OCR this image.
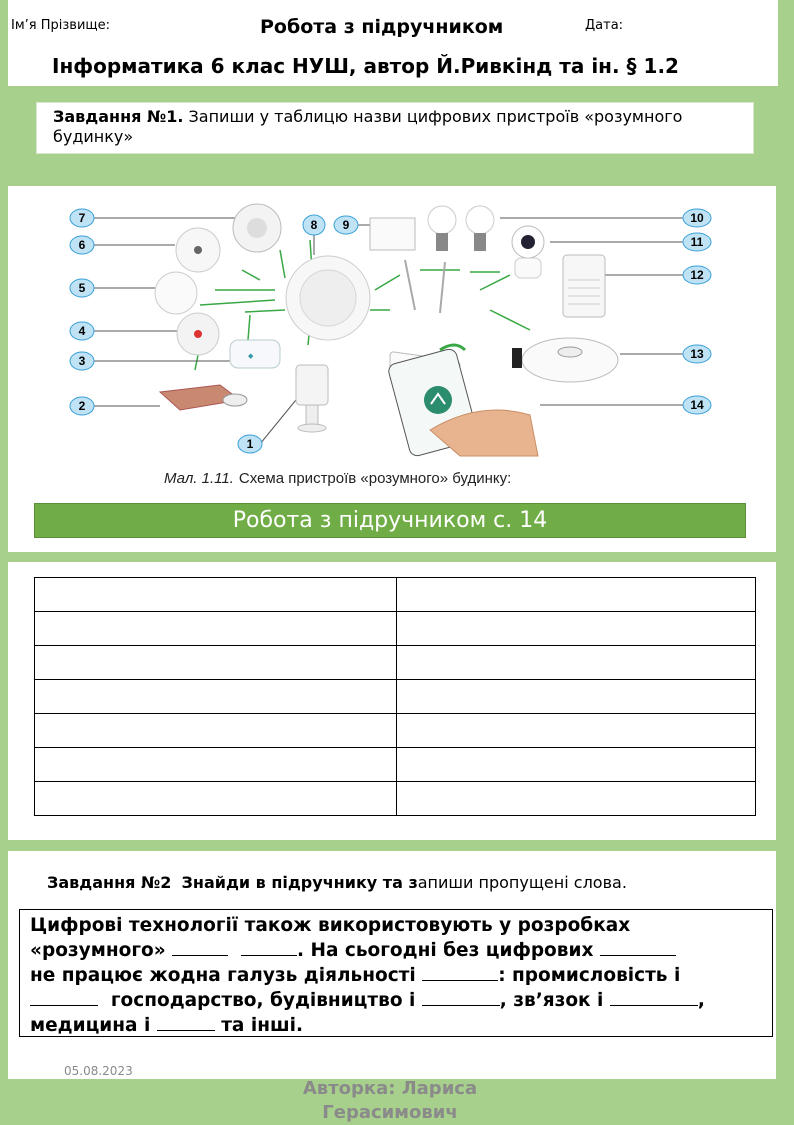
Ім’я Прізвище:	Робота з підручником	Дата:
Інформатика 6 клас НУШ, автор Й.Ривкінд та ін. § 1.2
Завдання №1. Запиши у таблицю назви цифрових пристроїв «розумного будинку»
◆
1
2
3
4
5
6
7	8 9	10
11
12
13
14
Мал. 1.11. Схема пристроїв «розумного» будинку:
Робота з підручником с. 14

Завдання №2 Знайди в підручнику та запиши пропущені слова.
Цифрові технології також використовують у розробках
«розумного»	. На сьогодні без цифрових
не працює жодна галузь діяльності	: промисловість і
господарство, будівництво і	, зв’язок і	,
медицина і	та інші.
05.08.2023
Авторка: Лариса Герасимович
